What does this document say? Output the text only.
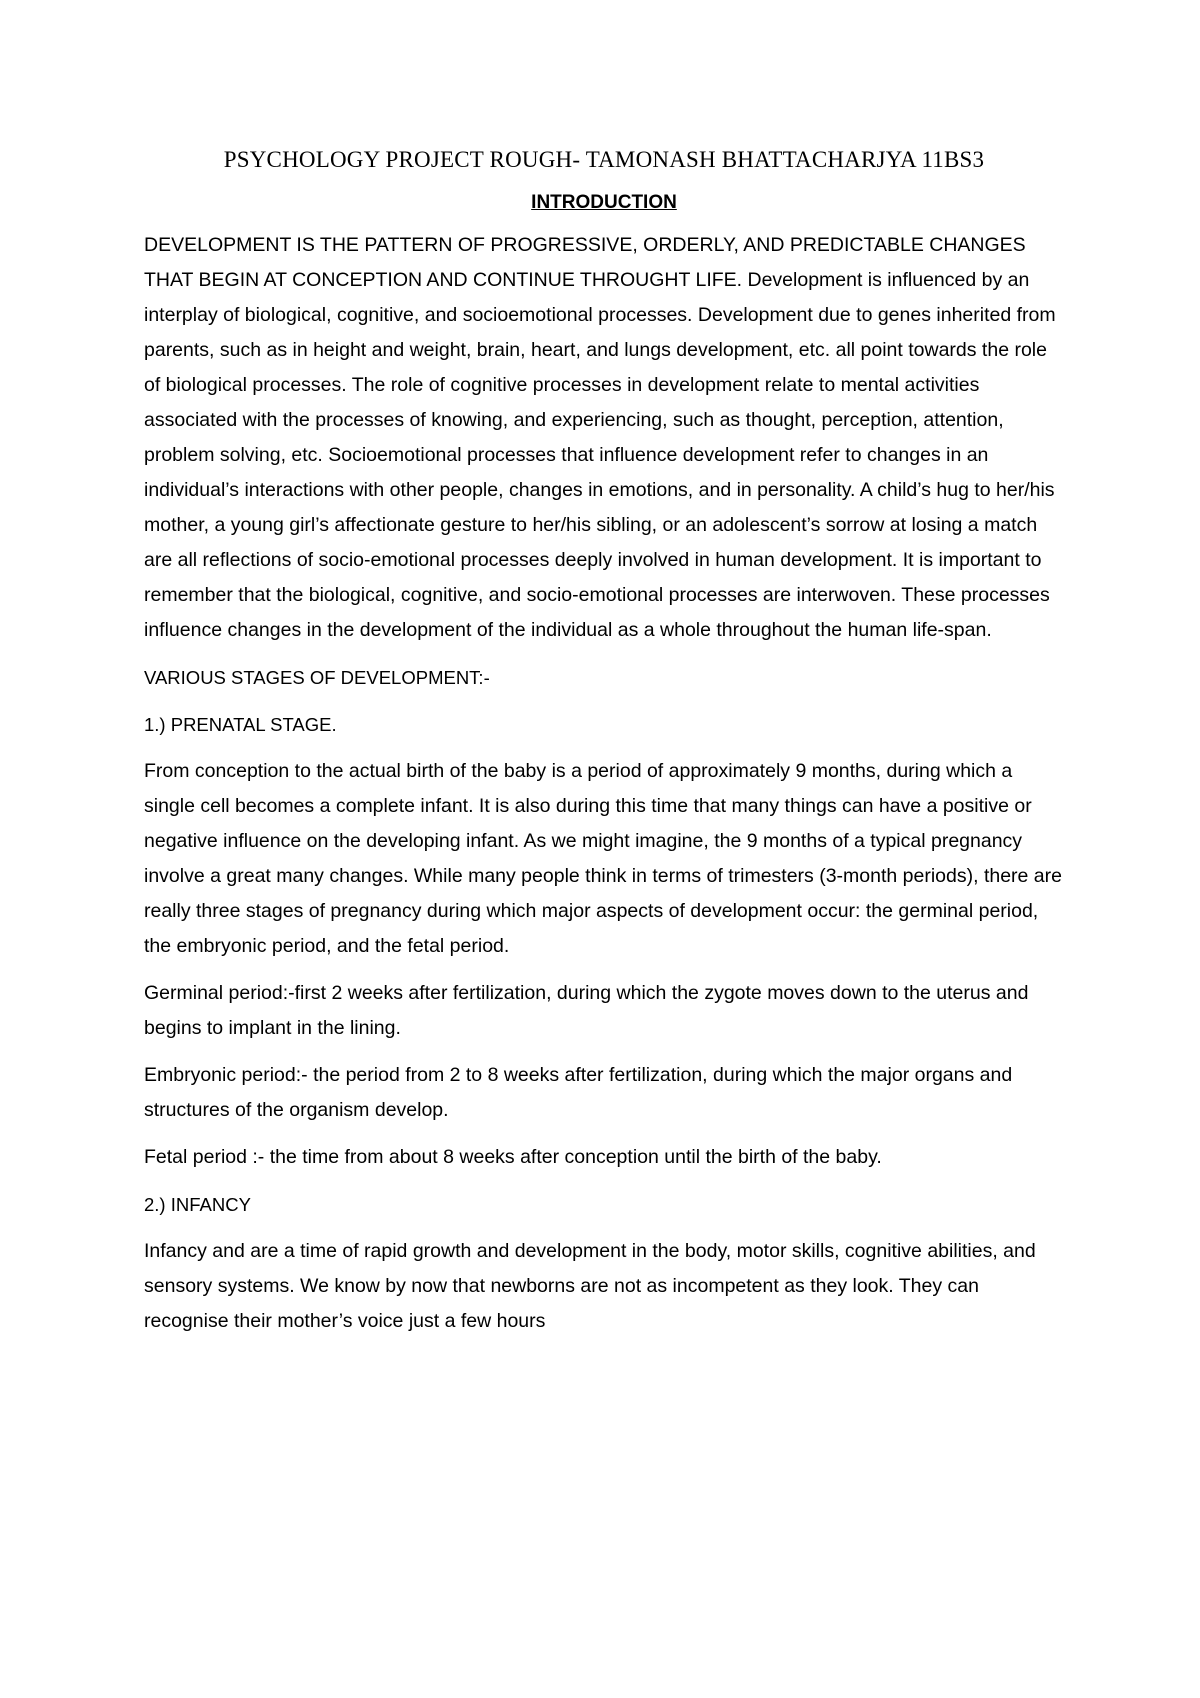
PSYCHOLOGY PROJECT ROUGH- TAMONASH BHATTACHARJYA 11BS3
INTRODUCTION

DEVELOPMENT IS THE PATTERN OF PROGRESSIVE, ORDERLY, AND PREDICTABLE CHANGES THAT BEGIN AT CONCEPTION AND CONTINUE THROUGHT LIFE. Development is influenced by an interplay of biological, cognitive, and socioemotional processes. Development due to genes inherited from parents, such as in height and weight, brain, heart, and lungs development, etc. all point towards the role of biological processes. The role of cognitive processes in development relate to mental activities associated with the processes of knowing, and experiencing, such as thought, perception, attention, problem solving, etc. Socioemotional processes that influence development refer to changes in an individual’s interactions with other people, changes in emotions, and in personality. A child’s hug to her/his mother, a young girl’s affectionate gesture to her/his sibling, or an adolescent’s sorrow at losing a match are all reflections of socio-emotional processes deeply involved in human development. It is important to remember that the biological, cognitive, and socio-emotional processes are interwoven. These processes influence changes in the development of the individual as a whole throughout the human life-span.

VARIOUS STAGES OF DEVELOPMENT:-

1.) PRENATAL STAGE.

From conception to the actual birth of the baby is a period of approximately 9 months, during which a single cell becomes a complete infant. It is also during this time that many things can have a positive or negative influence on the developing infant. As we might imagine, the 9 months of a typical pregnancy involve a great many changes. While many people think in terms of trimesters (3-month periods), there are really three stages of pregnancy during which major aspects of development occur: the germinal period, the embryonic period, and the fetal period.

Germinal period:-first 2 weeks after fertilization, during which the zygote moves down to the uterus and begins to implant in the lining.

Embryonic period:- the period from 2 to 8 weeks after fertilization, during which the major organs and structures of the organism develop.

Fetal period :- the time from about 8 weeks after conception until the birth of the baby.

2.) INFANCY

Infancy and are a time of rapid growth and development in the body, motor skills, cognitive abilities, and sensory systems. We know by now that newborns are not as incompetent as they look. They can recognise their mother’s voice just a few hours
